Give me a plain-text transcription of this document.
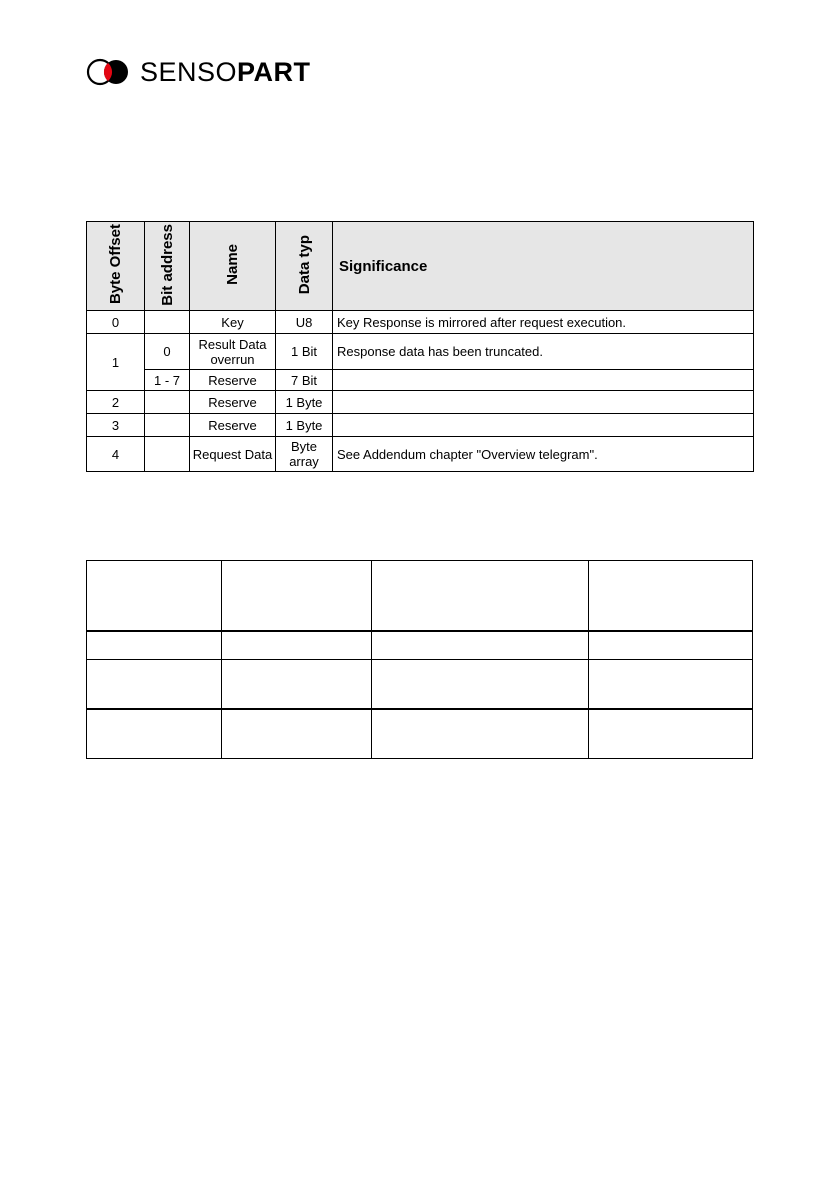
SENSOPART
Byte Offset	Bit address	Name	Data typ	Significance
0		Key	U8	Key Response is mirrored after request execution.
1	0	Result Data overrun	1 Bit	Response data has been truncated.
	1 - 7	Reserve	7 Bit	
2		Reserve	1 Byte	
3		Reserve	1 Byte	
4		Request Data	Byte array	See Addendum chapter "Overview telegram".
